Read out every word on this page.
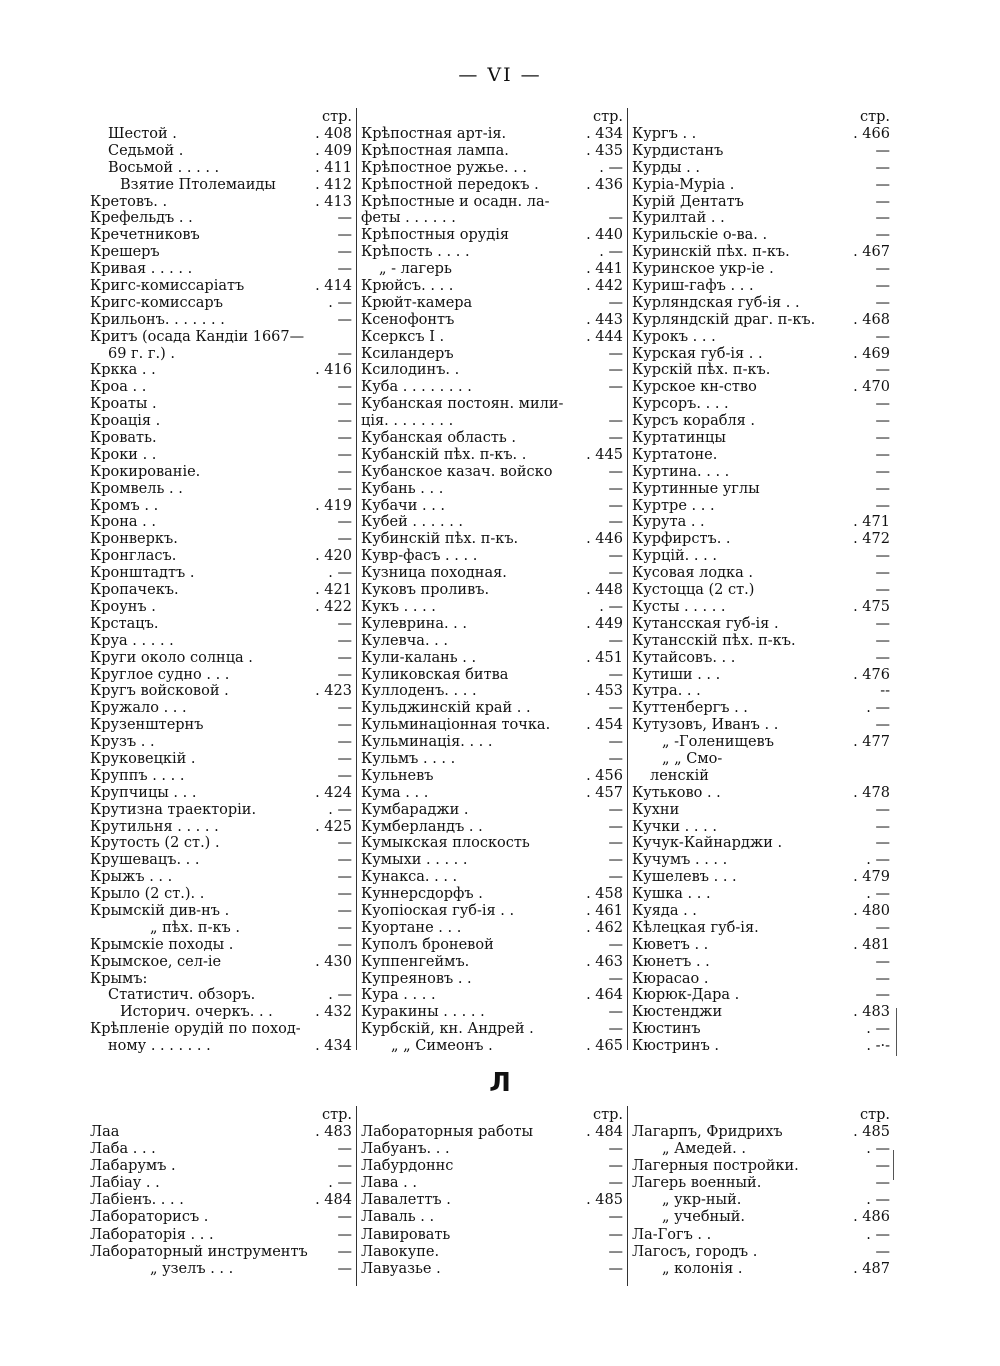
— VI —
стр.
Шестой .	. 408
Седьмой .	. 409
Восьмой . . . . .	. 411
Взятие Птолемаиды	. 412
Кретовъ. .	. 413
Крефельдъ . .	—
Кречетниковъ	—
Крешеръ	—
Кривая . . . . .	—
Кригс-комиссаріатъ	. 414
Кригс-комиссаръ	. —
Крильонъ. . . . . . .	—
Критъ (осада Кандіи 1667—
69 г. г.) .	—
Кркка . .	. 416
Кроа . .	—
Кроаты .	—
Кроація .	—
Кровать.	—
Кроки . .	—
Крокированіе.	—
Кромвель . .	—
Кромъ . .	. 419
Крона . .	—
Кронверкъ.	—
Кронгласъ.	. 420
Кронштадтъ .	. —
Кропачекъ.	. 421
Кроунъ .	. 422
Крстацъ.	—
Круа . . . . .	—
Круги около солнца .	—
Круглое судно . . .	—
Кругъ войсковой .	. 423
Кружало . . .	—
Крузенштернъ	—
Крузъ . .	—
Круковецкій .	—
Круппъ . . . .	—
Крупчицы . . .	. 424
Крутизна траекторіи.	. —
Крутильня . . . . .	. 425
Крутость (2 ст.) .	—
Крушевацъ. . .	—
Крыжъ . . .	—
Крыло (2 ст.). .	—
Крымскій див-нъ .	—
„ пѣх. п-къ .	—
Крымскіе походы .	—
Крымское, сел-іе	. 430
Крымъ:
Статистич. обзоръ.	. —
Историч. очеркъ. . .	. 432
Крѣпленіе орудій по поход-
ному . . . . . . .	. 434
стр.
Крѣпостная арт-ія.	. 434
Крѣпостная лампа.	. 435
Крѣпостное ружье. . .	. —
Крѣпостной передокъ .	. 436
Крѣпостные и осадн. ла-
феты . . . . . .	—
Крѣпостныя орудія	. 440
Крѣпость . . . .	. —
„ - лагерь	. 441
Крюйсъ. . . .	. 442
Крюйт-камера	—
Ксенофонтъ	. 443
Ксерксъ I .	. 444
Ксиландеръ	—
Ксилодинъ. .	—
Куба . . . . . . . .	—
Кубанская постоян. мили-
ція. . . . . . . .	—
Кубанская область .	—
Кубанскій пѣх. п-къ. .	. 445
Кубанское казач. войско	—
Кубань . . .	—
Кубачи . . .	—
Кубей . . . . . .	—
Кубинскій пѣх. п-къ.	. 446
Кувр-фасъ . . . .	—
Кузница походная.	—
Куковъ проливъ.	. 448
Кукъ . . . .	. —
Кулеврина. . .	. 449
Кулевча. . .	—
Кули-калань . .	. 451
Куликовская битва	—
Куллоденъ. . . .	. 453
Кульджинскій край . .	—
Кульминаціонная точка. . 454
Кульминація. . . .	—
Кульмъ . . . .	—
Кульневъ	. 456
Кума . . .	. 457
Кумбараджи .	—
Кумберландъ . .	—
Кумыкская плоскость	—
Кумыхи . . . . .	—
Кунакса. . . .	—
Куннерсдорфъ .	. 458
Куопіоская губ-ія . .	. 461
Куортане . . .	. 462
Куполъ броневой	—
Куппенгеймъ.	. 463
Купреяновъ . .	—
Кура . . . .	. 464
Куракины . . . . .	—
Курбскій, кн. Андрей .	—
„ „ Симеонъ .	. 465
стр.
Кургъ . .	. 466
Курдистанъ	—
Курды . .	—
Куріа-Муріа .	—
Курій Дентатъ	—
Курилтай . .	—
Курильскіе о-ва. .	—
Куринскій пѣх. п-къ.	. 467
Куринское укр-іе .	—
Куриш-гафъ . . .	—
Курляндская губ-ія . .	—
Курляндскій драг. п-къ.	. 468
Курокъ . . .	—
Курская губ-ія . .	. 469
Курскій пѣх. п-къ.	—
Курское кн-ство	. 470
Курсоръ. . . .	—
Курсъ корабля .	—
Куртатинцы	—
Куртатоне.	—
Куртина. . . .	—
Куртинные углы	—
Куртре . . .	—
Курута . .	. 471
Курфирстъ. .	. 472
Курцій. . . .	—
Кусовая лодка .	—
Кустоцца (2 ст.)	—
Кусты . . . . .	. 475
Кутансская губ-ія .	—
Кутансскій пѣх. п-къ.	—
Кутайсовъ. . .	—
Кутиши . . .	. 476
Кутра. . .	--
Куттенбергъ . .	. —
Кутузовъ, Иванъ . .	—
„ -Голенищевъ	. 477
„ „ Смо-
ленскій
Кутьково . .	. 478
Кухни	—
Кучки . . . .	—
Кучук-Кайнарджи .	—
Кучумъ . . . .	. —
Кушелевъ . . .	. 479
Кушка . . .	. —
Куяда . .	. 480
Кѣлецкая губ-ія.	—
Кюветъ . .	. 481
Кюнетъ . .	—
Кюрасао .	—
Кюрюк-Дара .	—
Кюстенджи	. 483
Кюстинъ	. —
Кюстринъ .	. -·-
Л
стр.
Лаа	. 483
Лаба . . .	—
Лабарумъ .	—
Лабіау . .	. —
Лабіенъ. . . .	. 484
Лабораторисъ .	—
Лабораторія . . .	—
Лабораторный инструментъ —
„ узелъ . . .	—
стр.
Лабораторныя работы	. 484
Лабуанъ. . .	—
Лабурдоннс	—
Лава . .	—
Лавалеттъ .	. 485
Лаваль . .	—
Лавировать	—
Лавокупе.	—
Лавуазье .	—
стр.
Лагарпъ, Фридрихъ	. 485
„ Амедей. .	. —
Лагерныя постройки.	—
Лагерь военный.	—
„ укр-ный.	. —
„ учебный.	. 486
Ла-Гогъ . .	. —
Лагосъ, городъ .	—
„ колонія .	. 487
